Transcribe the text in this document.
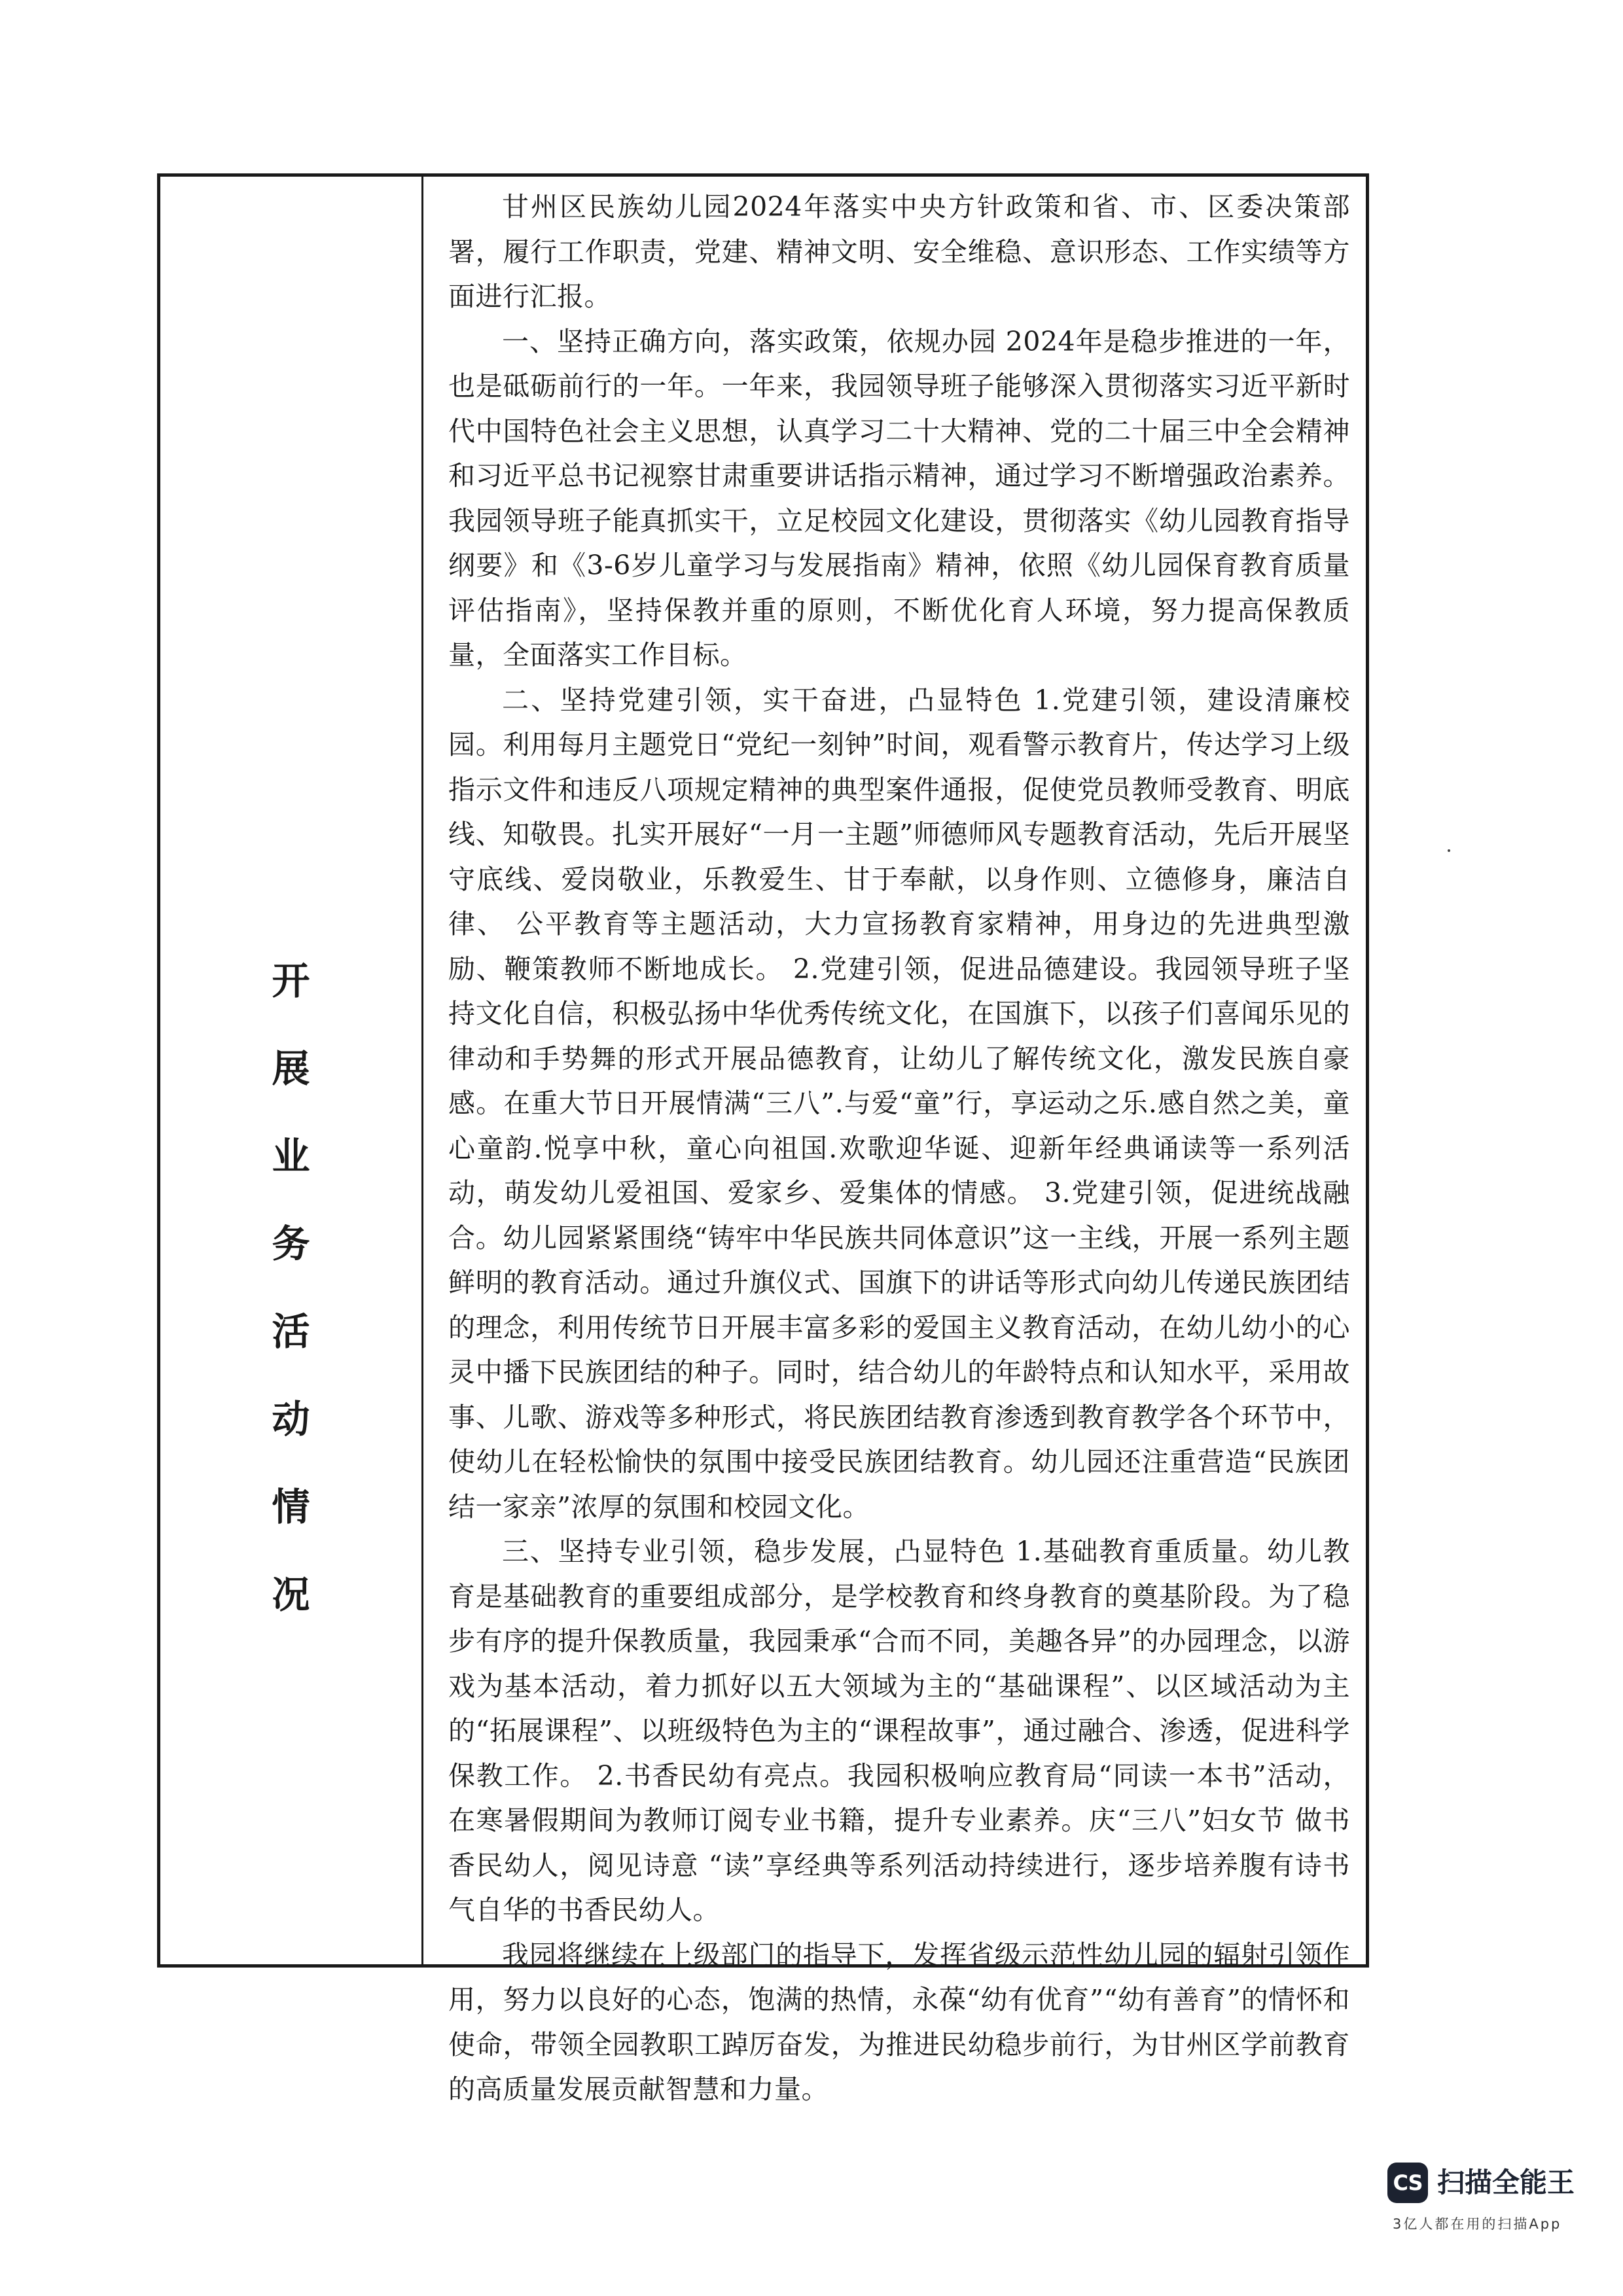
开
展
业
务
活
动
情
况

甘州区民族幼儿园2024年落实中央方针政策和省、市、区委决策部署，履行工作职责，党建、精神文明、安全维稳、意识形态、工作实绩等方面进行汇报。

一、坚持正确方向，落实政策，依规办园 2024年是稳步推进的一年，也是砥砺前行的一年。一年来，我园领导班子能够深入贯彻落实习近平新时代中国特色社会主义思想，认真学习二十大精神、党的二十届三中全会精神和习近平总书记视察甘肃重要讲话指示精神，通过学习不断增强政治素养。我园领导班子能真抓实干，立足校园文化建设，贯彻落实《幼儿园教育指导纲要》和《3-6岁儿童学习与发展指南》精神，依照《幼儿园保育教育质量评估指南》，坚持保教并重的原则，不断优化育人环境，努力提高保教质量，全面落实工作目标。

二、坚持党建引领，实干奋进，凸显特色 1.党建引领，建设清廉校园。利用每月主题党日“党纪一刻钟”时间，观看警示教育片，传达学习上级指示文件和违反八项规定精神的典型案件通报，促使党员教师受教育、明底线、知敬畏。扎实开展好“一月一主题”师德师风专题教育活动，先后开展坚守底线、爱岗敬业，乐教爱生、甘于奉献，以身作则、立德修身，廉洁自律、 公平教育等主题活动，大力宣扬教育家精神，用身边的先进典型激励、鞭策教师不断地成长。 2.党建引领，促进品德建设。我园领导班子坚持文化自信，积极弘扬中华优秀传统文化，在国旗下，以孩子们喜闻乐见的律动和手势舞的形式开展品德教育，让幼儿了解传统文化，激发民族自豪感。在重大节日开展情满“三八”.与爱“童”行，享运动之乐.感自然之美，童心童韵.悦享中秋，童心向祖国.欢歌迎华诞、迎新年经典诵读等一系列活动，萌发幼儿爱祖国、爱家乡、爱集体的情感。 3.党建引领，促进统战融合。幼儿园紧紧围绕“铸牢中华民族共同体意识”这一主线，开展一系列主题鲜明的教育活动。通过升旗仪式、国旗下的讲话等形式向幼儿传递民族团结的理念，利用传统节日开展丰富多彩的爱国主义教育活动，在幼儿幼小的心灵中播下民族团结的种子。同时，结合幼儿的年龄特点和认知水平，采用故事、儿歌、游戏等多种形式，将民族团结教育渗透到教育教学各个环节中，使幼儿在轻松愉快的氛围中接受民族团结教育。幼儿园还注重营造“民族团结一家亲”浓厚的氛围和校园文化。

三、坚持专业引领，稳步发展，凸显特色 1.基础教育重质量。幼儿教育是基础教育的重要组成部分，是学校教育和终身教育的奠基阶段。为了稳步有序的提升保教质量，我园秉承“合而不同，美趣各异”的办园理念，以游戏为基本活动，着力抓好以五大领域为主的“基础课程”、以区域活动为主的“拓展课程”、以班级特色为主的“课程故事”，通过融合、渗透，促进科学保教工作。 2.书香民幼有亮点。我园积极响应教育局“同读一本书”活动，在寒暑假期间为教师订阅专业书籍，提升专业素养。庆“三八”妇女节 做书香民幼人，阅见诗意 “读”享经典等系列活动持续进行，逐步培养腹有诗书气自华的书香民幼人。

我园将继续在上级部门的指导下，发挥省级示范性幼儿园的辐射引领作用，努力以良好的心态，饱满的热情，永葆“幼有优育”“幼有善育”的情怀和使命，带领全园教职工踔厉奋发，为推进民幼稳步前行，为甘州区学前教育的高质量发展贡献智慧和力量。

CS 扫描全能王
3亿人都在用的扫描App
